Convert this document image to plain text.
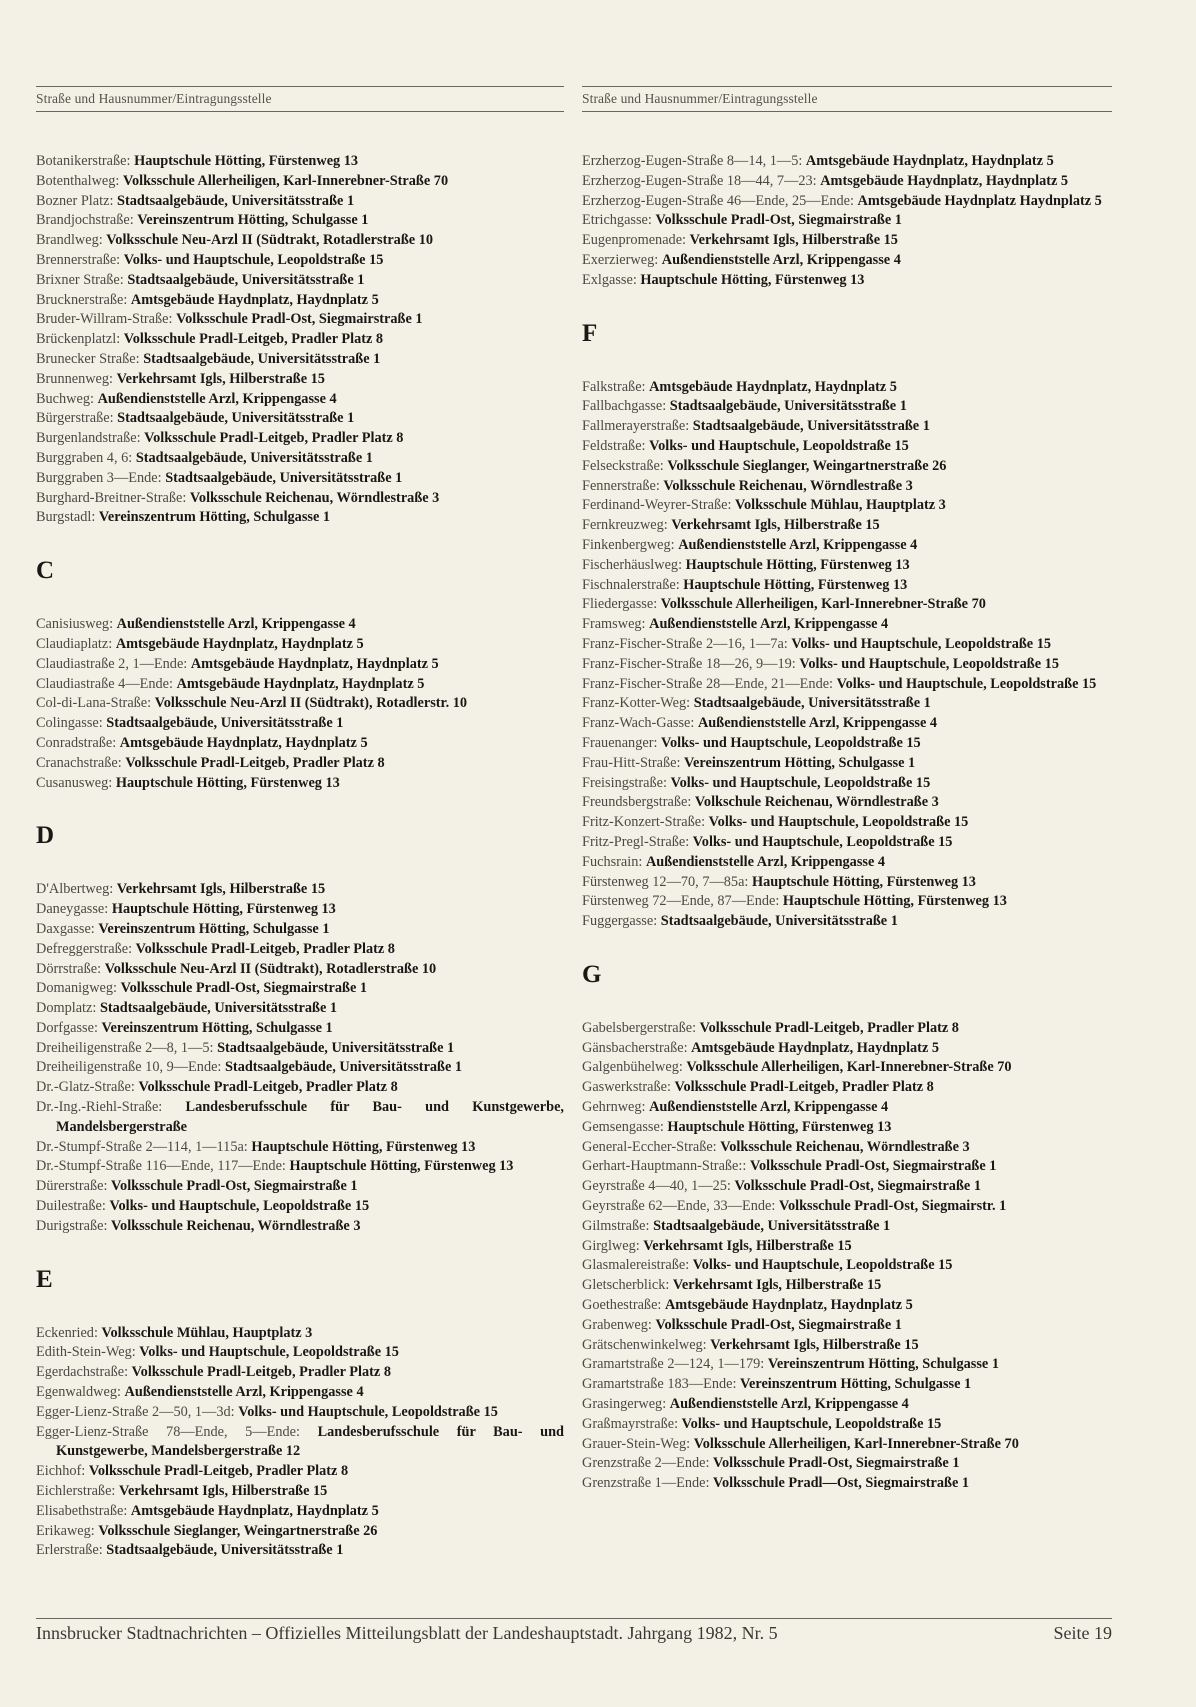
Straße und Hausnummer/Eintragungsstelle
Botanikerstraße: Hauptschule Hötting, Fürstenweg 13
Botenthalweg: Volksschule Allerheiligen, Karl-Innerebner-Straße 70
Bozner Platz: Stadtsaalgebäude, Universitätsstraße 1
Brandjochstraße: Vereinszentrum Hötting, Schulgasse 1
Brandlweg: Volksschule Neu-Arzl II (Südtrakt, Rotadlerstraße 10
Brennerstraße: Volks- und Hauptschule, Leopoldstraße 15
Brixner Straße: Stadtsaalgebäude, Universitätsstraße 1
Brucknerstraße: Amtsgebäude Haydnplatz, Haydnplatz 5
Bruder-Willram-Straße: Volksschule Pradl-Ost, Siegmairstraße 1
Brückenplatzl: Volksschule Pradl-Leitgeb, Pradler Platz 8
Brunecker Straße: Stadtsaalgebäude, Universitätsstraße 1
Brunnenweg: Verkehrsamt Igls, Hilberstraße 15
Buchweg: Außendienststelle Arzl, Krippengasse 4
Bürgerstraße: Stadtsaalgebäude, Universitätsstraße 1
Burgenlandstraße: Volksschule Pradl-Leitgeb, Pradler Platz 8
Burggraben 4, 6: Stadtsaalgebäude, Universitätsstraße 1
Burggraben 3—Ende: Stadtsaalgebäude, Universitätsstraße 1
Burghard-Breitner-Straße: Volksschule Reichenau, Wörndlestraße 3
Burgstadl: Vereinszentrum Hötting, Schulgasse 1
C
Canisiusweg: Außendienststelle Arzl, Krippengasse 4
Claudiaplatz: Amtsgebäude Haydnplatz, Haydnplatz 5
Claudiastraße 2, 1—Ende: Amtsgebäude Haydnplatz, Haydnplatz 5
Claudiastraße 4—Ende: Amtsgebäude Haydnplatz, Haydnplatz 5
Col-di-Lana-Straße: Volksschule Neu-Arzl II (Südtrakt), Rotadlerstr. 10
Colingasse: Stadtsaalgebäude, Universitätsstraße 1
Conradstraße: Amtsgebäude Haydnplatz, Haydnplatz 5
Cranachstraße: Volksschule Pradl-Leitgeb, Pradler Platz 8
Cusanusweg: Hauptschule Hötting, Fürstenweg 13
D
D'Albertweg: Verkehrsamt Igls, Hilberstraße 15
Daneygasse: Hauptschule Hötting, Fürstenweg 13
Daxgasse: Vereinszentrum Hötting, Schulgasse 1
Defreggerstraße: Volksschule Pradl-Leitgeb, Pradler Platz 8
Dörrstraße: Volksschule Neu-Arzl II (Südtrakt), Rotadlerstraße 10
Domanigweg: Volksschule Pradl-Ost, Siegmairstraße 1
Domplatz: Stadtsaalgebäude, Universitätsstraße 1
Dorfgasse: Vereinszentrum Hötting, Schulgasse 1
Dreiheiligenstraße 2—8, 1—5: Stadtsaalgebäude, Universitätsstraße 1
Dreiheiligenstraße 10, 9—Ende: Stadtsaalgebäude, Universitätsstraße 1
Dr.-Glatz-Straße: Volksschule Pradl-Leitgeb, Pradler Platz 8
Dr.-Ing.-Riehl-Straße: Landesberufsschule für Bau- und Kunstgewerbe, Mandelsbergerstraße
Dr.-Stumpf-Straße 2—114, 1—115a: Hauptschule Hötting, Fürstenweg 13
Dr.-Stumpf-Straße 116—Ende, 117—Ende: Hauptschule Hötting, Fürstenweg 13
Dürerstraße: Volksschule Pradl-Ost, Siegmairstraße 1
Duilestraße: Volks- und Hauptschule, Leopoldstraße 15
Durigstraße: Volksschule Reichenau, Wörndlestraße 3
E
Eckenried: Volksschule Mühlau, Hauptplatz 3
Edith-Stein-Weg: Volks- und Hauptschule, Leopoldstraße 15
Egerdachstraße: Volksschule Pradl-Leitgeb, Pradler Platz 8
Egenwaldweg: Außendienststelle Arzl, Krippengasse 4
Egger-Lienz-Straße 2—50, 1—3d: Volks- und Hauptschule, Leopoldstraße 15
Egger-Lienz-Straße 78—Ende, 5—Ende: Landesberufsschule für Bau- und Kunstgewerbe, Mandelsbergerstraße 12
Eichhof: Volksschule Pradl-Leitgeb, Pradler Platz 8
Eichlerstraße: Verkehrsamt Igls, Hilberstraße 15
Elisabethstraße: Amtsgebäude Haydnplatz, Haydnplatz 5
Erikaweg: Volksschule Sieglanger, Weingartnerstraße 26
Erlerstraße: Stadtsaalgebäude, Universitätsstraße 1
Straße und Hausnummer/Eintragungsstelle
Erzherzog-Eugen-Straße 8—14, 1—5: Amtsgebäude Haydnplatz, Haydnplatz 5
Erzherzog-Eugen-Straße 18—44, 7—23: Amtsgebäude Haydnplatz, Haydnplatz 5
Erzherzog-Eugen-Straße 46—Ende, 25—Ende: Amtsgebäude Haydnplatz Haydnplatz 5
Etrichgasse: Volksschule Pradl-Ost, Siegmairstraße 1
Eugenpromenade: Verkehrsamt Igls, Hilberstraße 15
Exerzierweg: Außendienststelle Arzl, Krippengasse 4
Exlgasse: Hauptschule Hötting, Fürstenweg 13
F
Falkstraße: Amtsgebäude Haydnplatz, Haydnplatz 5
Fallbachgasse: Stadtsaalgebäude, Universitätsstraße 1
Fallmerayerstraße: Stadtsaalgebäude, Universitätsstraße 1
Feldstraße: Volks- und Hauptschule, Leopoldstraße 15
Felseckstraße: Volksschule Sieglanger, Weingartnerstraße 26
Fennerstraße: Volksschule Reichenau, Wörndlestraße 3
Ferdinand-Weyrer-Straße: Volksschule Mühlau, Hauptplatz 3
Fernkreuzweg: Verkehrsamt Igls, Hilberstraße 15
Finkenbergweg: Außendienststelle Arzl, Krippengasse 4
Fischerhäuslweg: Hauptschule Hötting, Fürstenweg 13
Fischnalerstraße: Hauptschule Hötting, Fürstenweg 13
Fliedergasse: Volksschule Allerheiligen, Karl-Innerebner-Straße 70
Framsweg: Außendienststelle Arzl, Krippengasse 4
Franz-Fischer-Straße 2—16, 1—7a: Volks- und Hauptschule, Leopoldstraße 15
Franz-Fischer-Straße 18—26, 9—19: Volks- und Hauptschule, Leopoldstraße 15
Franz-Fischer-Straße 28—Ende, 21—Ende: Volks- und Hauptschule, Leopoldstraße 15
Franz-Kotter-Weg: Stadtsaalgebäude, Universitätsstraße 1
Franz-Wach-Gasse: Außendienststelle Arzl, Krippengasse 4
Frauenanger: Volks- und Hauptschule, Leopoldstraße 15
Frau-Hitt-Straße: Vereinszentrum Hötting, Schulgasse 1
Freisingstraße: Volks- und Hauptschule, Leopoldstraße 15
Freundsbergstraße: Volkschule Reichenau, Wörndlestraße 3
Fritz-Konzert-Straße: Volks- und Hauptschule, Leopoldstraße 15
Fritz-Pregl-Straße: Volks- und Hauptschule, Leopoldstraße 15
Fuchsrain: Außendienststelle Arzl, Krippengasse 4
Fürstenweg 12—70, 7—85a: Hauptschule Hötting, Fürstenweg 13
Fürstenweg 72—Ende, 87—Ende: Hauptschule Hötting, Fürstenweg 13
Fuggergasse: Stadtsaalgebäude, Universitätsstraße 1
G
Gabelsbergerstraße: Volksschule Pradl-Leitgeb, Pradler Platz 8
Gänsbacherstraße: Amtsgebäude Haydnplatz, Haydnplatz 5
Galgenbühelweg: Volksschule Allerheiligen, Karl-Innerebner-Straße 70
Gaswerkstraße: Volksschule Pradl-Leitgeb, Pradler Platz 8
Gehrnweg: Außendienststelle Arzl, Krippengasse 4
Gemsengasse: Hauptschule Hötting, Fürstenweg 13
General-Eccher-Straße: Volksschule Reichenau, Wörndlestraße 3
Gerhart-Hauptmann-Straße:: Volksschule Pradl-Ost, Siegmairstraße 1
Geyrstraße 4—40, 1—25: Volksschule Pradl-Ost, Siegmairstraße 1
Geyrstraße 62—Ende, 33—Ende: Volksschule Pradl-Ost, Siegmairstr. 1
Gilmstraße: Stadtsaalgebäude, Universitätsstraße 1
Girglweg: Verkehrsamt Igls, Hilberstraße 15
Glasmalereistraße: Volks- und Hauptschule, Leopoldstraße 15
Gletscherblick: Verkehrsamt Igls, Hilberstraße 15
Goethestraße: Amtsgebäude Haydnplatz, Haydnplatz 5
Grabenweg: Volksschule Pradl-Ost, Siegmairstraße 1
Grätschenwinkelweg: Verkehrsamt Igls, Hilberstraße 15
Gramartstraße 2—124, 1—179: Vereinszentrum Hötting, Schulgasse 1
Gramartstraße 183—Ende: Vereinszentrum Hötting, Schulgasse 1
Grasingerweg: Außendienststelle Arzl, Krippengasse 4
Graßmayrstraße: Volks- und Hauptschule, Leopoldstraße 15
Grauer-Stein-Weg: Volksschule Allerheiligen, Karl-Innerebner-Straße 70
Grenzstraße 2—Ende: Volksschule Pradl-Ost, Siegmairstraße 1
Grenzstraße 1—Ende: Volksschule Pradl—Ost, Siegmairstraße 1
Innsbrucker Stadtnachrichten – Offizielles Mitteilungsblatt der Landeshauptstadt. Jahrgang 1982, Nr. 5	Seite 19
